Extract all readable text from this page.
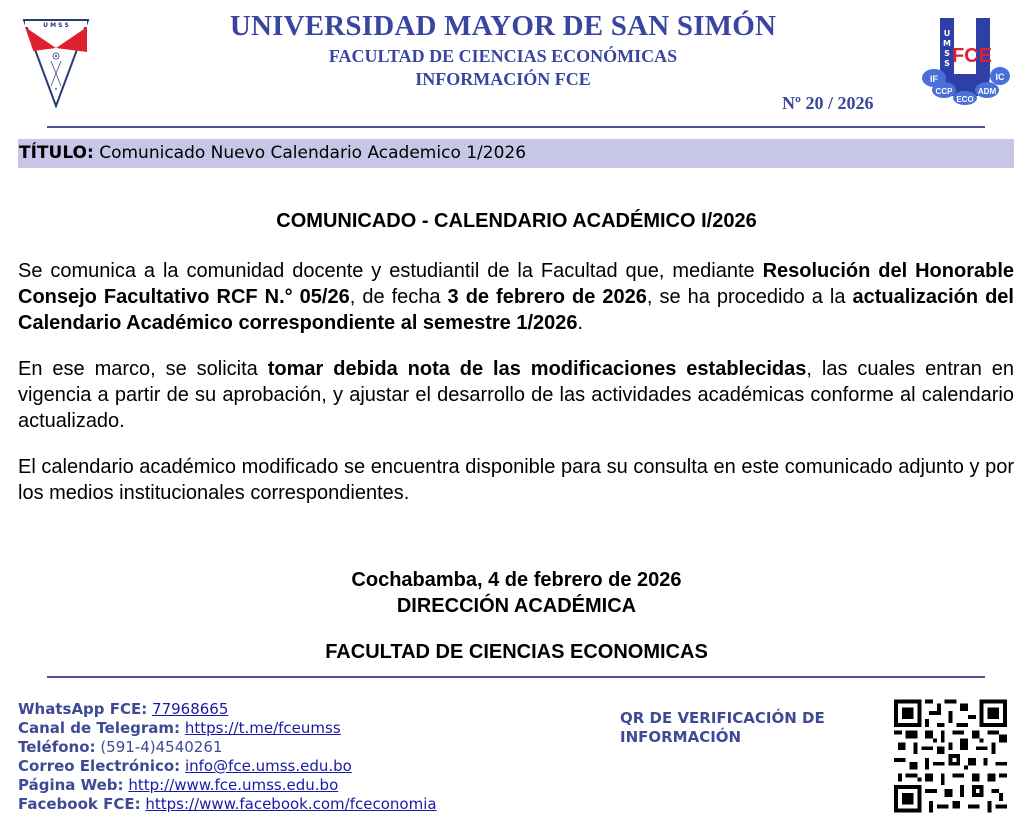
U M S S	UNIVERSIDAD MAYOR DE SAN SIMÓN
FACULTAD DE CIENCIAS ECONÓMICAS
INFORMACIÓN FCE
Nº 20 / 2026
U
M
S
S FCE
IF
CCP
ECO
ADM
IC
TÍTULO: Comunicado Nuevo Calendario Academico 1/2026
COMUNICADO - CALENDARIO ACADÉMICO I/2026
Se comunica a la comunidad docente y estudiantil de la Facultad que, mediante Resolución del Honorable Consejo Facultativo RCF N.° 05/26, de fecha 3 de febrero de 2026, se ha procedido a la actualización del Calendario Académico correspondiente al semestre 1/2026.
En ese marco, se solicita tomar debida nota de las modificaciones establecidas, las cuales entran en vigencia a partir de su aprobación, y ajustar el desarrollo de las actividades académicas conforme al calendario actualizado.
El calendario académico modificado se encuentra disponible para su consulta en este comunicado adjunto y por los medios institucionales correspondientes.
Cochabamba, 4 de febrero de 2026
DIRECCIÓN ACADÉMICA
FACULTAD DE CIENCIAS ECONOMICAS
WhatsApp FCE: 77968665
Canal de Telegram: https://t.me/fceumss
Teléfono: (591-4)4540261
Correo Electrónico: info@fce.umss.edu.bo
Página Web: http://www.fce.umss.edu.bo
Facebook FCE: https://www.facebook.com/fceconomia
QR DE VERIFICACIÓN DE INFORMACIÓN
